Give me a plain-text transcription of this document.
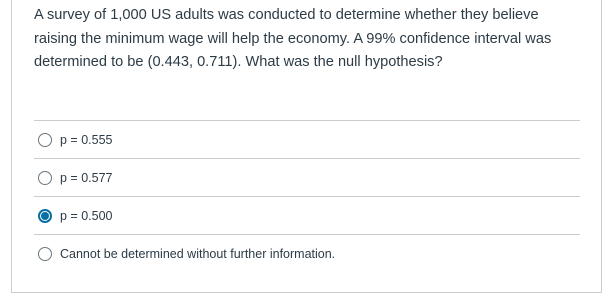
A survey of 1,000 US adults was conducted to determine whether they believe
raising the minimum wage will help the economy. A 99% confidence interval was
determined to be (0.443, 0.711). What was the null hypothesis?
p = 0.555
p = 0.577
p = 0.500
Cannot be determined without further information.
